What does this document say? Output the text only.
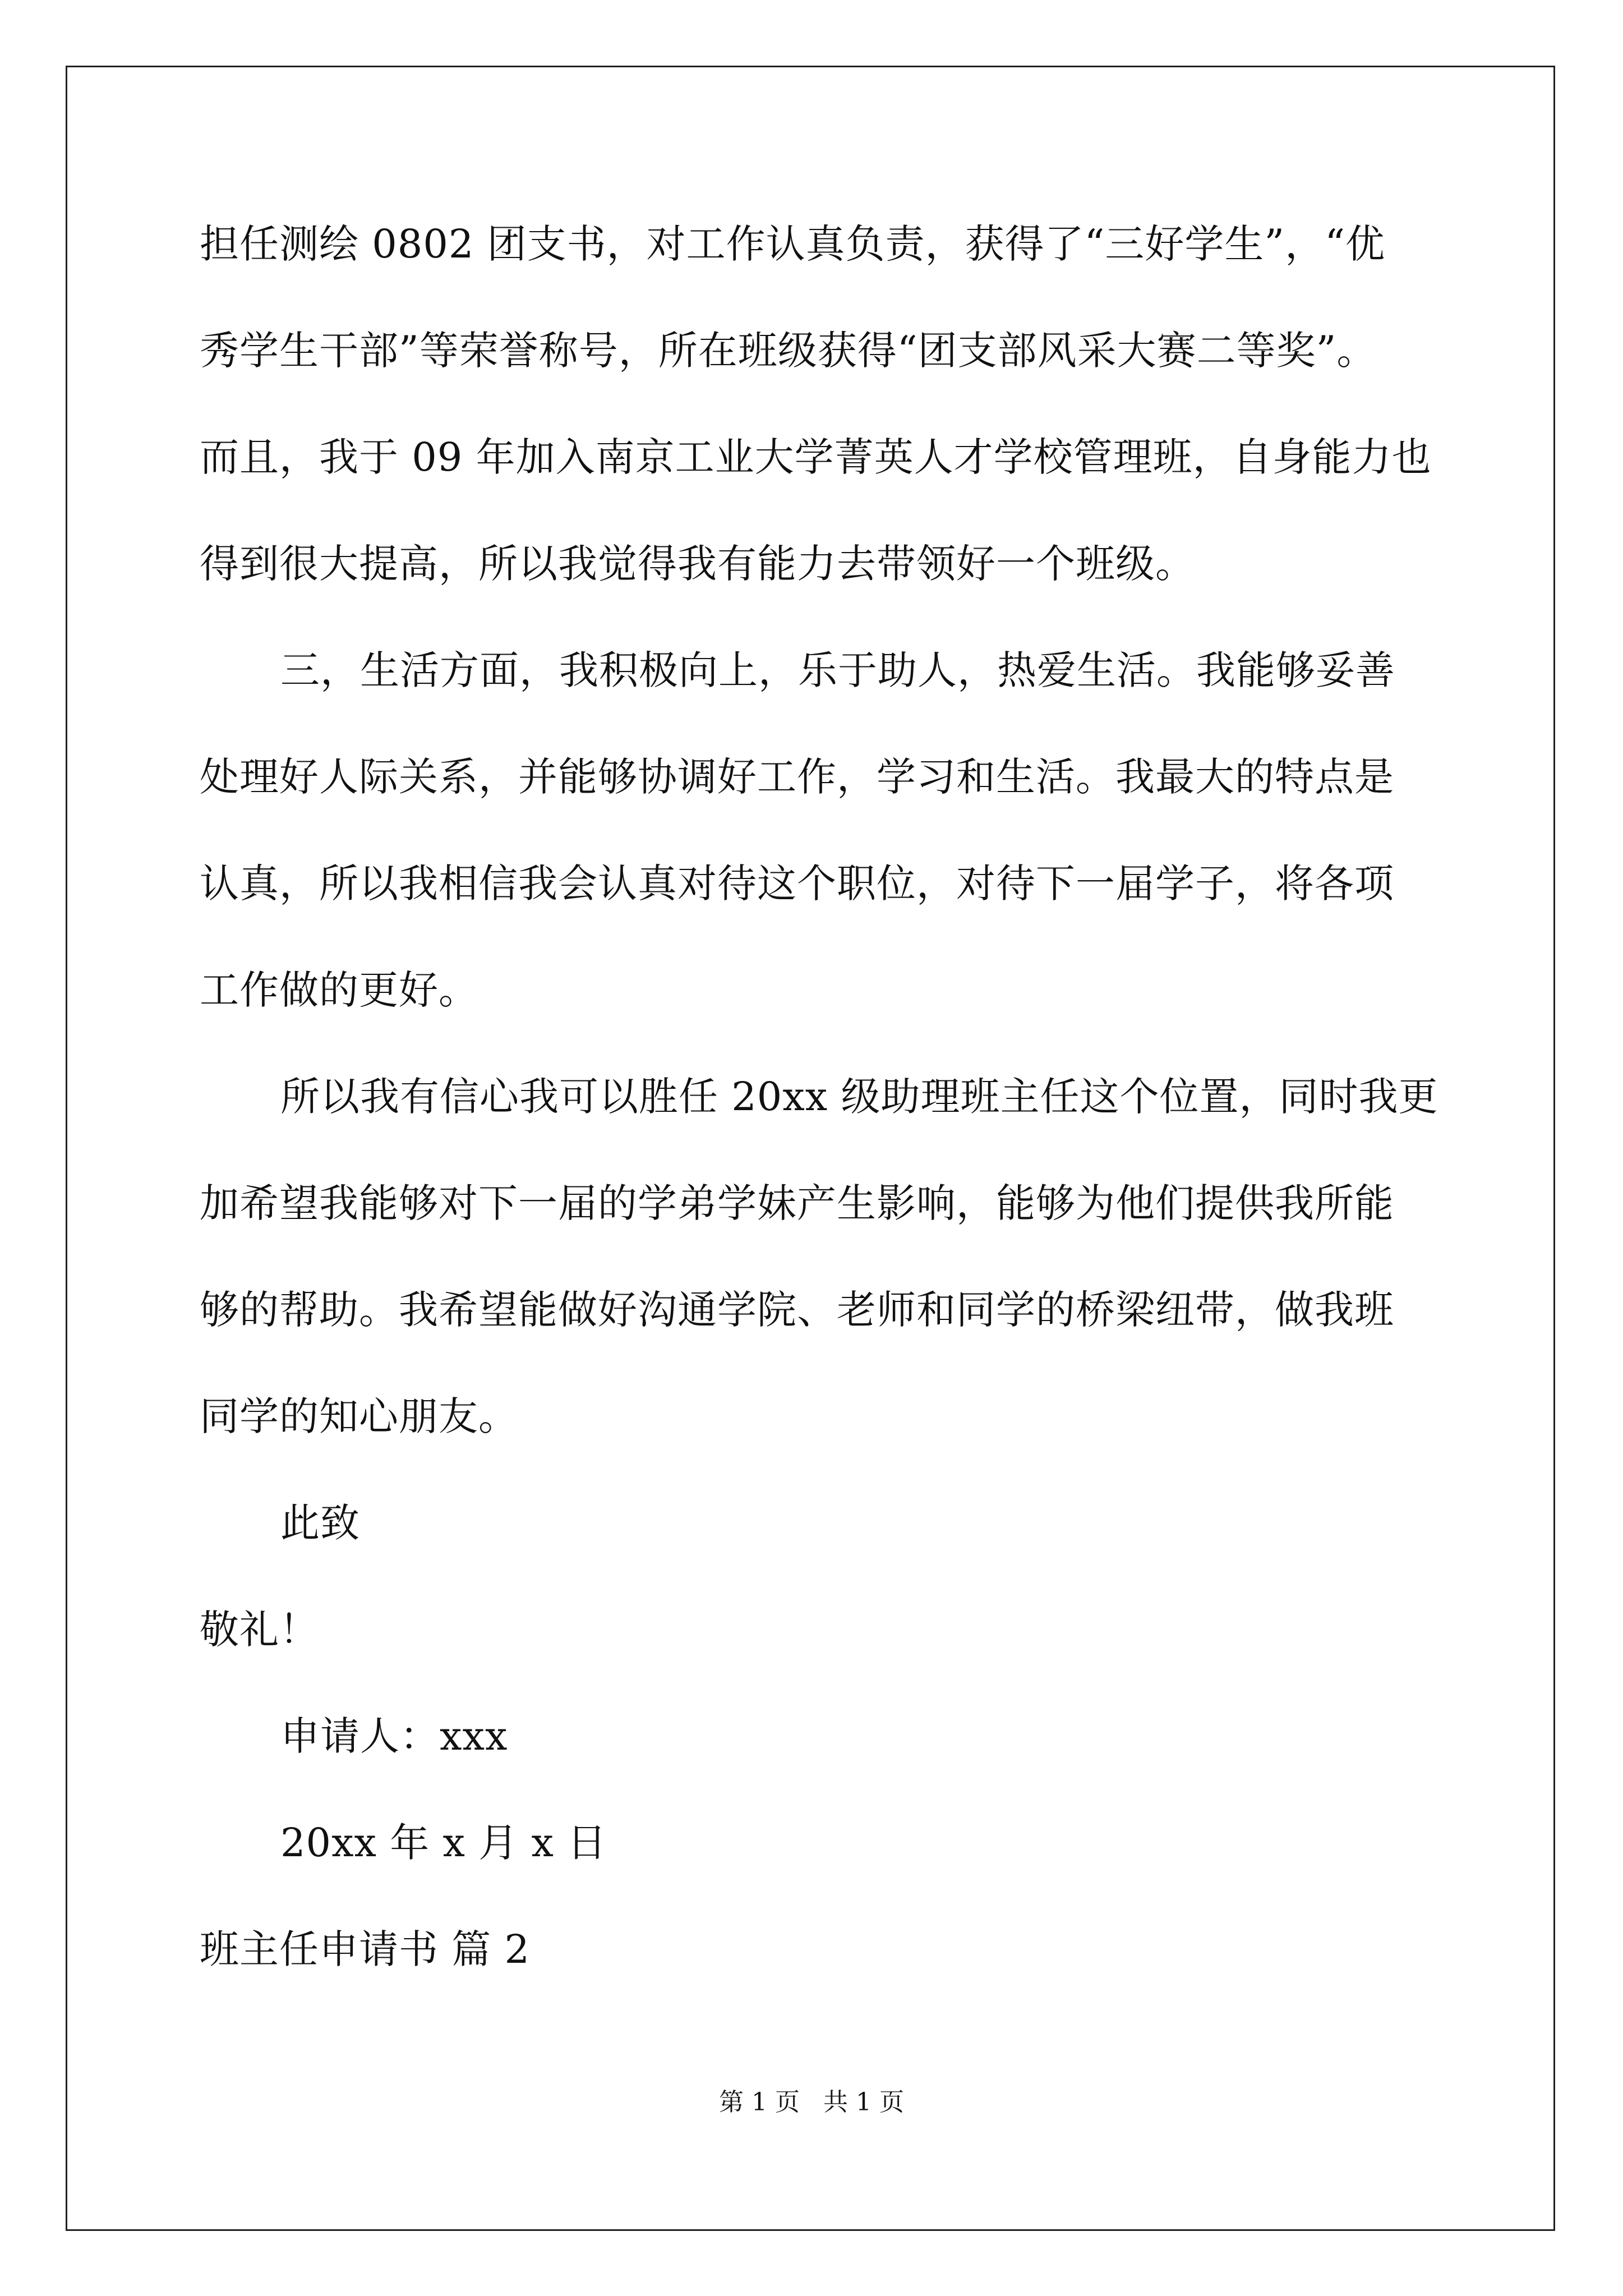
担任测绘 0802 团支书，对工作认真负责，获得了“三好学生”，“优
秀学生干部”等荣誉称号，所在班级获得“团支部风采大赛二等奖”。
而且，我于 09 年加入南京工业大学菁英人才学校管理班，自身能力也
得到很大提高，所以我觉得我有能力去带领好一个班级。
三，生活方面，我积极向上，乐于助人，热爱生活。我能够妥善
处理好人际关系，并能够协调好工作，学习和生活。我最大的特点是
认真，所以我相信我会认真对待这个职位，对待下一届学子，将各项
工作做的更好。
所以我有信心我可以胜任 20xx 级助理班主任这个位置，同时我更
加希望我能够对下一届的学弟学妹产生影响，能够为他们提供我所能
够的帮助。我希望能做好沟通学院、老师和同学的桥梁纽带，做我班
同学的知心朋友。
此致
敬礼！
申请人：xxx
20xx 年 x 月 x 日
班主任申请书 篇 2
第 1 页   共 1 页
